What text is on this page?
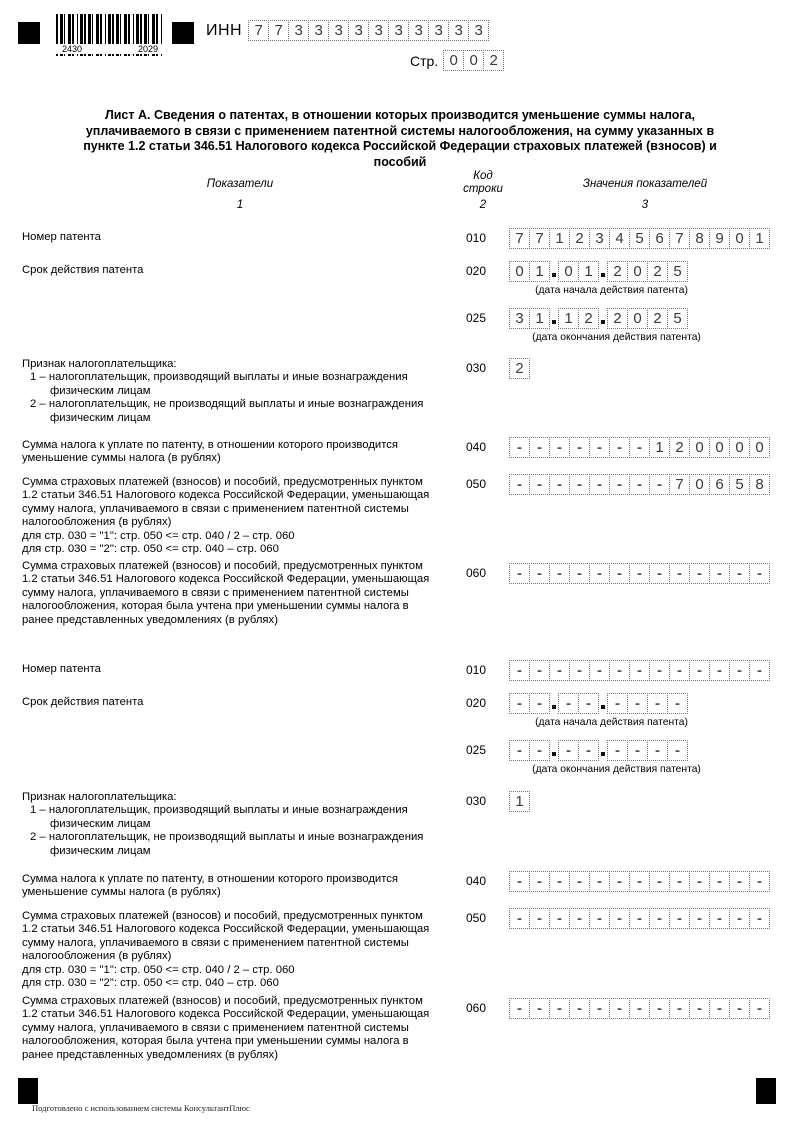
2430	2029
ИНН 7 7 3 3 3 3 3 3 3 3 3 3
Стр. 0 0 2
Лист А. Сведения о патентах, в отношении которых производится уменьшение суммы налога, уплачиваемого в связи с применением патентной системы налогообложения, на сумму указанных в пункте 1.2 статьи 346.51 Налогового кодекса Российской Федерации страховых платежей (взносов) и пособий
Показатели
1
Код
строки
2
Значения показателей
3
Номер патента	010	7 7 1 2 3 4 5 6 7 8 9 0 1
Срок действия патента	020	0 1	0 1	2 0 2 5
(дата начала действия патента)
025	3 1	1 2	2 0 2 5
(дата окончания действия патента)
Признак налогоплательщика:
1 – налогоплательщик, производящий выплаты и иные вознаграждения
физическим лицам
2 – налогоплательщик, не производящий выплаты и иные вознаграждения
физическим лицам
030	2
Сумма налога к уплате по патенту, в отношении которого производится
уменьшение суммы налога (в рублях)
040	-	-	-	-	-	-	- 1 2 0 0 0 0
Сумма страховых платежей (взносов) и пособий, предусмотренных пунктом
1.2 статьи 346.51 Налогового кодекса Российской Федерации, уменьшающая
сумму налога, уплачиваемого в связи с применением патентной системы
налогообложения (в рублях)
для стр. 030 = "1": стр. 050 <= стр. 040 / 2 – стр. 060
для стр. 030 = "2": стр. 050 <= стр. 040 – стр. 060
050	-	-	-	-	-	-	-	- 7 0 6 5 8
Сумма страховых платежей (взносов) и пособий, предусмотренных пунктом
1.2 статьи 346.51 Налогового кодекса Российской Федерации, уменьшающая
сумму налога, уплачиваемого в связи с применением патентной системы
налогообложения, которая была учтена при уменьшении суммы налога в
ранее представленных уведомлениях (в рублях)
060	-	-	-	-	-	-	-	-	-	-	-	-	-
Номер патента	010	-	-	-	-	-	-	-	-	-	-	-	-	-
Срок действия патента	020	-	-	-	-	-	-	-	-
(дата начала действия патента)
025	-	-	-	-	-	-	-	-
(дата окончания действия патента)
Признак налогоплательщика:
1 – налогоплательщик, производящий выплаты и иные вознаграждения
физическим лицам
2 – налогоплательщик, не производящий выплаты и иные вознаграждения
физическим лицам
030	1
Сумма налога к уплате по патенту, в отношении которого производится
уменьшение суммы налога (в рублях)
040	-	-	-	-	-	-	-	-	-	-	-	-	-
Сумма страховых платежей (взносов) и пособий, предусмотренных пунктом
1.2 статьи 346.51 Налогового кодекса Российской Федерации, уменьшающая
сумму налога, уплачиваемого в связи с применением патентной системы
налогообложения (в рублях)
для стр. 030 = "1": стр. 050 <= стр. 040 / 2 – стр. 060
для стр. 030 = "2": стр. 050 <= стр. 040 – стр. 060
050	-	-	-	-	-	-	-	-	-	-	-	-	-
Сумма страховых платежей (взносов) и пособий, предусмотренных пунктом
1.2 статьи 346.51 Налогового кодекса Российской Федерации, уменьшающая
сумму налога, уплачиваемого в связи с применением патентной системы
налогообложения, которая была учтена при уменьшении суммы налога в
ранее представленных уведомлениях (в рублях)
060	-	-	-	-	-	-	-	-	-	-	-	-	-
Подготовлено с использованием системы КонсультантПлюс
